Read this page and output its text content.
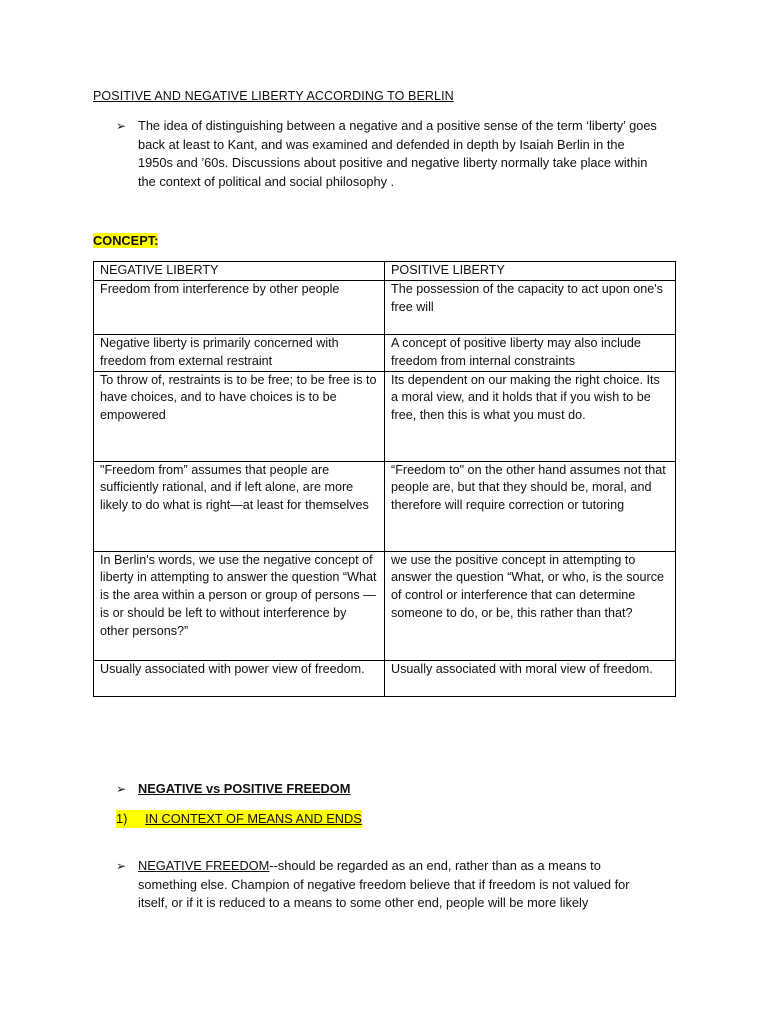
POSITIVE AND NEGATIVE LIBERTY ACCORDING TO BERLIN
➢ The idea of distinguishing between a negative and a positive sense of the term ‘liberty’ goes back at least to Kant, and was examined and defended in depth by Isaiah Berlin in the 1950s and ’60s. Discussions about positive and negative liberty normally take place within the context of political and social philosophy .
CONCEPT:
NEGATIVE LIBERTY	POSITIVE LIBERTY
Freedom from interference by other people	The possession of the capacity to act upon one's free will
Negative liberty is primarily concerned with freedom from external restraint	A concept of positive liberty may also include freedom from internal constraints
To throw of, restraints is to be free; to be free is to have choices, and to have choices is to be empowered	Its dependent on our making the right choice. Its a moral view, and it holds that if you wish to be free, then this is what you must do.
"Freedom from” assumes that people are sufficiently rational, and if left alone, are more likely to do what is right—at least for themselves	“Freedom to" on the other hand assumes not that people are, but that they should be, moral, and therefore will require correction or tutoring
In Berlin's words, we use the negative concept of liberty in attempting to answer the question “What is the area within a person or group of persons — is or should be left to without interference by other persons?”	we use the positive concept in attempting to answer the question “What, or who, is the source of control or interference that can determine someone to do, or be, this rather than that?
Usually associated with power view of freedom.	Usually associated with moral view of freedom.
➢ NEGATIVE vs POSITIVE FREEDOM
1) IN CONTEXT OF MEANS AND ENDS
➢ NEGATIVE FREEDOM--should be regarded as an end, rather than as a means to something else. Champion of negative freedom believe that if freedom is not valued for itself, or if it is reduced to a means to some other end, people will be more likely
